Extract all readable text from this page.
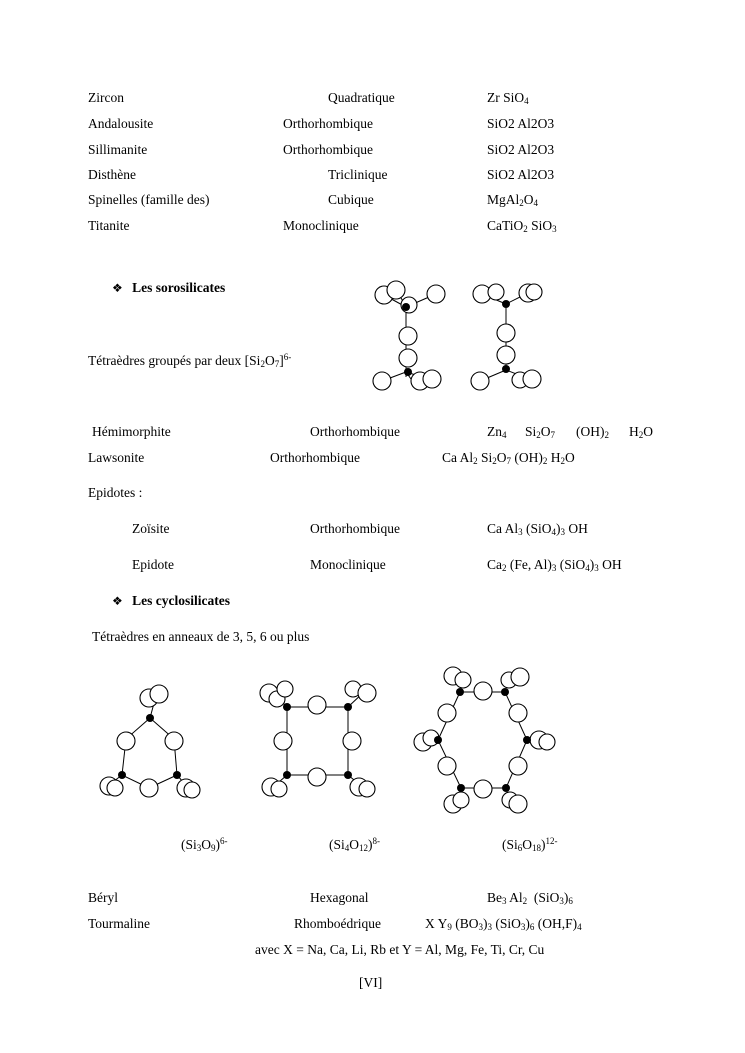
Zircon	Quadratique	Zr SiO$_4$
Andalousite	Orthorhombique	SiO2 Al2O3
Sillimanite	Orthorhombique	SiO2 Al2O3
Disthène	Triclinique	SiO2 Al2O3
Spinelles (famille des)	Cubique	$MgAl_2O_4$
Titanite	Monoclinique	CaTiO$_2$ SiO$_3$
❖ Les sorosilicates
Tétraèdres groupés par deux $[Si_2O_7]^{6-}$
Hémimorphite	Orthorhombique	$Zn_4$ $Si_2O_7$ $(OH)_2$ $H_2O$
Lawsonite	Orthorhombique	Ca $Al_2$ $Si_2O_7$ $(OH)_2$ $H_2O$
Epidotes :
Zoïsite	Orthorhombique	Ca $Al_3$ $(SiO_4)_3$ OH
Epidote	Monoclinique	$Ca_2$ (Fe, $Al)_3$ $(SiO_4)_3$ OH
❖ Les cyclosilicates
Tétraèdres en anneaux de 3, 5, 6 ou plus
$(Si_3O_9)^{6-}$	$(Si_4O_{12})^{8-}$	$(Si_6O_{18})^{12-}$
Béryl	Hexagonal	$Be_3$ $Al_2$  $(SiO_3)_6$
Tourmaline	Rhomboédrique	X $Y_9$ $(BO_3)_3$ $(SiO_3)_6$ $(OH,F)_4$
avec X = Na, Ca, Li, Rb et Y = Al, Mg, Fe, Ti, Cr, Cu
[VI]
